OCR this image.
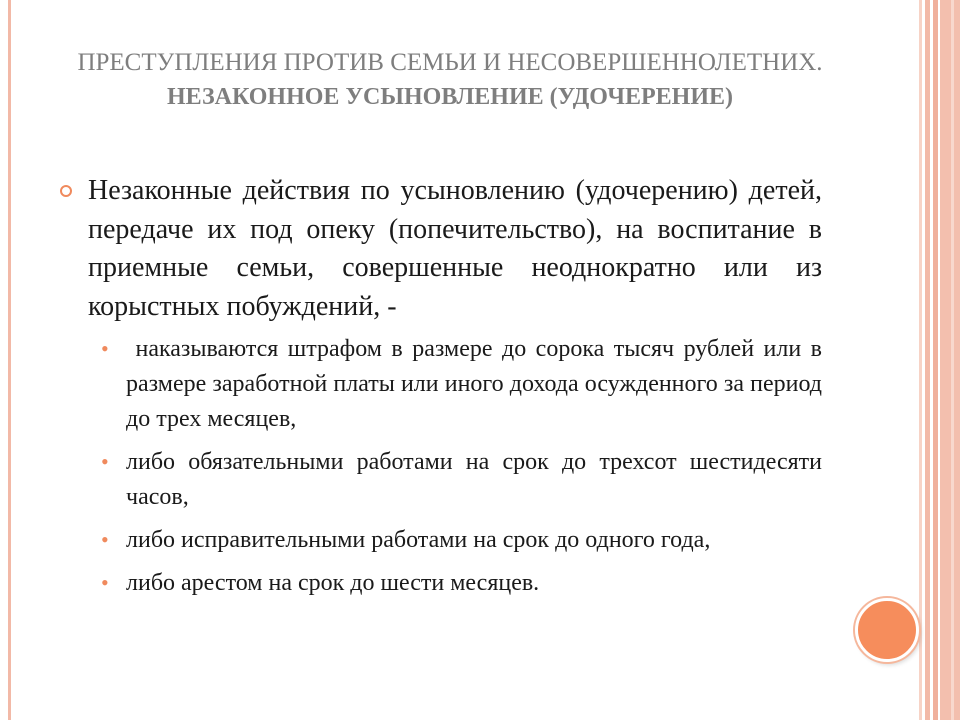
ПРЕСТУПЛЕНИЯ ПРОТИВ СЕМЬИ И НЕСОВЕРШЕННОЛЕТНИХ.
НЕЗАКОННОЕ УСЫНОВЛЕНИЕ (УДОЧЕРЕНИЕ)
Незаконные действия по усыновлению (удочерению) детей, передаче их под опеку (попечительство), на воспитание в приемные семьи, совершенные неоднократно или из корыстных побуждений, -
• наказываются штрафом в размере до сорока тысяч рублей или в размере заработной платы или иного дохода осужденного за период до трех месяцев,
• либо обязательными работами на срок до трехсот шестидесяти часов,
• либо исправительными работами на срок до одного года,
• либо арестом на срок до шести месяцев.
